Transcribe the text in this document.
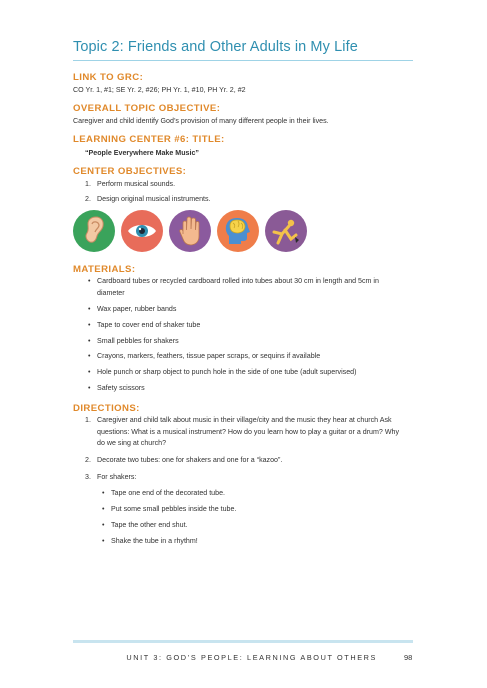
Topic 2: Friends and Other Adults in My Life
LINK TO GRC:
CO Yr. 1, #1; SE Yr. 2, #26; PH Yr. 1, #10, PH Yr. 2, #2
OVERALL TOPIC OBJECTIVE:
Caregiver and child identify God’s provision of many different people in their lives.
LEARNING CENTER #6: TITLE:
“People Everywhere Make Music”
CENTER OBJECTIVES:
1. Perform musical sounds.
2. Design original musical instruments.
MATERIALS:
• Cardboard tubes or recycled cardboard rolled into tubes about 30 cm in length and 5cm in
diameter
• Wax paper, rubber bands
• Tape to cover end of shaker tube
• Small pebbles for shakers
• Crayons, markers, feathers, tissue paper scraps, or sequins if available
• Hole punch or sharp object to punch hole in the side of one tube (adult supervised)
• Safety scissors
DIRECTIONS:
1. Caregiver and child talk about music in their village/city and the music they hear at church Ask
questions: What is a musical instrument? How do you learn how to play a guitar or a drum? Why
do we sing at church?
2. Decorate two tubes: one for shakers and one for a “kazoo”.
3. For shakers:
• Tape one end of the decorated tube.
• Put some small pebbles inside the tube.
• Tape the other end shut.
• Shake the tube in a rhythm!
UNIT 3: GOD’S PEOPLE: LEARNING ABOUT OTHERS	98
